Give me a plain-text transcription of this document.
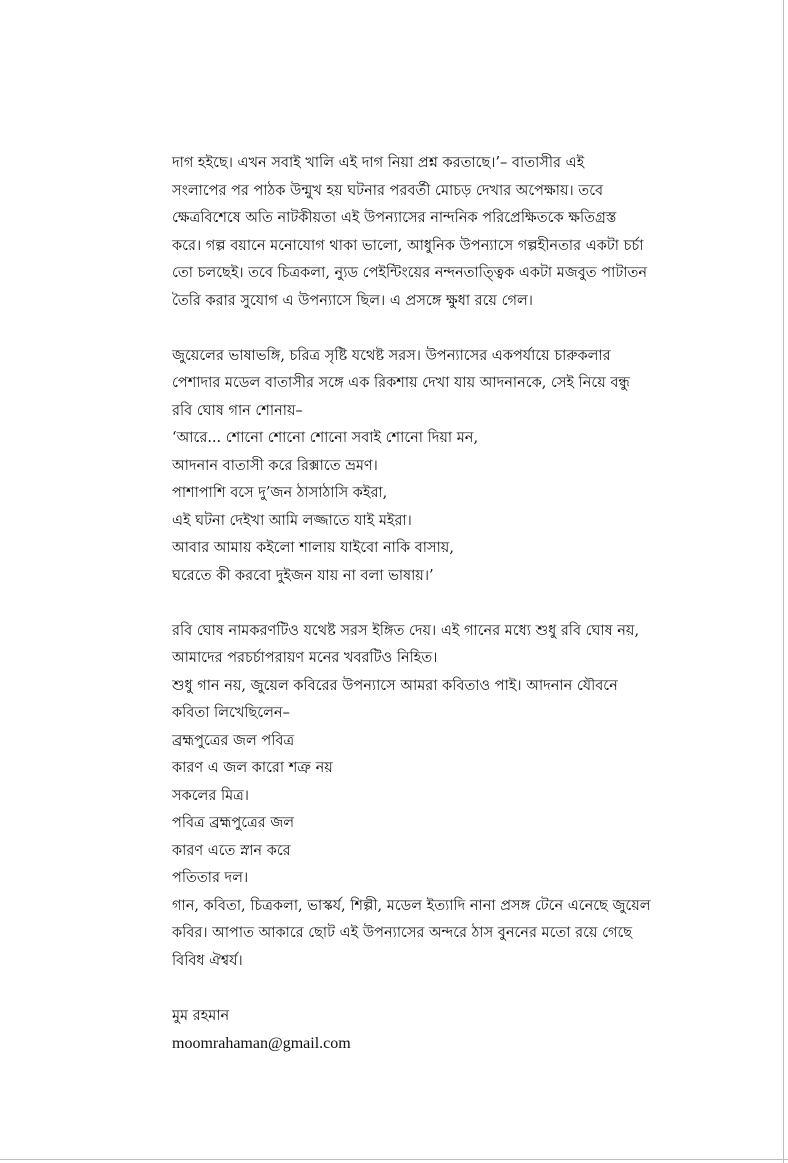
দাগ হইছে। এখন সবাই খালি এই দাগ নিয়া প্রশ্ন করতাছে।’– বাতাসীর এই
সংলাপের পর পাঠক উন্মুখ হয় ঘটনার পরবর্তী মোচড় দেখার অপেক্ষায়। তবে
ক্ষেত্রবিশেষে অতি নাটকীয়তা এই উপন্যাসের নান্দনিক পরিপ্রেক্ষিতকে ক্ষতিগ্রস্ত
করে। গল্প বয়ানে মনোযোগ থাকা ভালো, আধুনিক উপন্যাসে গল্পহীনতার একটা চর্চা
তো চলছেই। তবে চিত্রকলা, ন্যুড পেইন্টিংয়ের নন্দনতাত্ত্বিক একটা মজবুত পাটাতন
তৈরি করার সুযোগ এ উপন্যাসে ছিল। এ প্রসঙ্গে ক্ষুধা রয়ে গেল।
জুয়েলের ভাষাভঙ্গি, চরিত্র সৃষ্টি যথেষ্ট সরস। উপন্যাসের একপর্যায়ে চারুকলার
পেশাদার মডেল বাতাসীর সঙ্গে এক রিকশায় দেখা যায় আদনানকে, সেই নিয়ে বন্ধু
রবি ঘোষ গান শোনায়–
‘আরে... শোনো শোনো শোনো সবাই শোনো দিয়া মন,
আদনান বাতাসী করে রিক্সাতে ভ্রমণ।
পাশাপাশি বসে দু’জন ঠাসাঠাসি কইরা,
এই ঘটনা দেইখা আমি লজ্জাতে যাই মইরা।
আবার আমায় কইলো শালায় যাইবো নাকি বাসায়,
ঘরেতে কী করবো দুইজন যায় না বলা ভাষায়।’
রবি ঘোষ নামকরণটিও যথেষ্ট সরস ইঙ্গিত দেয়। এই গানের মধ্যে শুধু রবি ঘোষ নয়,
আমাদের পরচর্চাপরায়ণ মনের খবরটিও নিহিত।
শুধু গান নয়, জুয়েল কবিরের উপন্যাসে আমরা কবিতাও পাই। আদনান যৌবনে
কবিতা লিখেছিলেন–
ব্রহ্মপুত্রের জল পবিত্র
কারণ এ জল কারো শত্রু নয়
সকলের মিত্র।
পবিত্র ব্রহ্মপুত্রের জল
কারণ এতে স্নান করে
পতিতার দল।
গান, কবিতা, চিত্রকলা, ভাস্কর্য, শিল্পী, মডেল ইত্যাদি নানা প্রসঙ্গ টেনে এনেছে জুয়েল
কবির। আপাত আকারে ছোট এই উপন্যাসের অন্দরে ঠাস বুননের মতো রয়ে গেছে
বিবিধ ঐশ্বর্য।
মুম রহমান
moomrahaman@gmail.com
